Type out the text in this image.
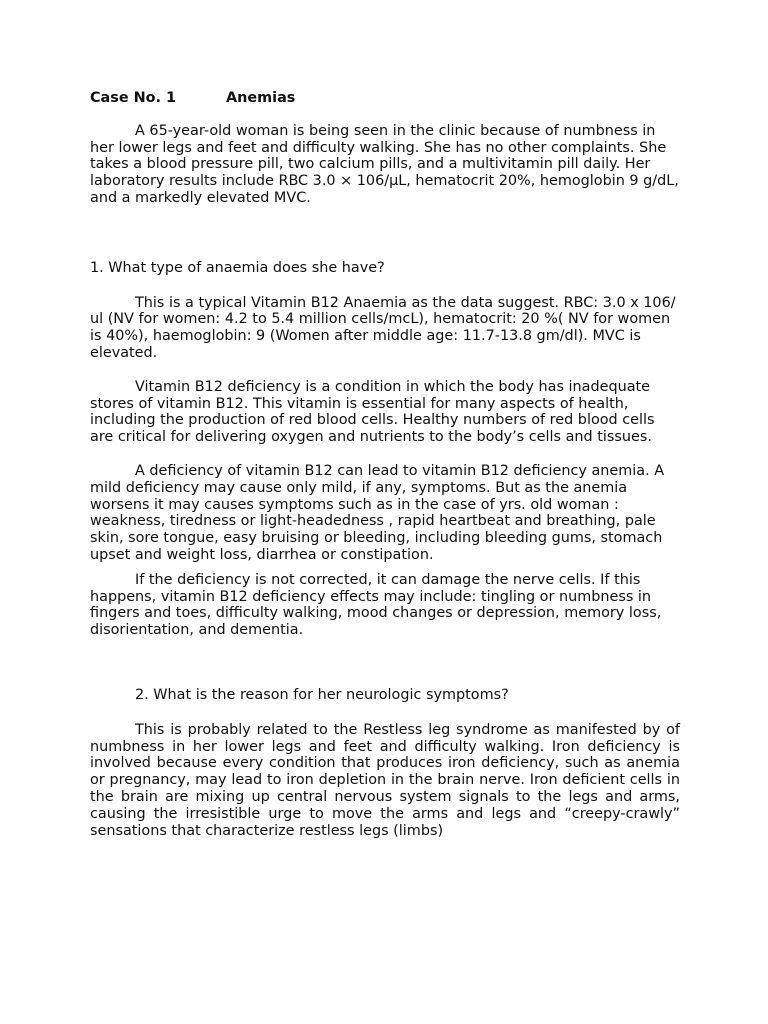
Case No. 1	Anemias

A 65-year-old woman is being seen in the clinic because of numbness in her lower legs and feet and difficulty walking. She has no other complaints. She takes a blood pressure pill, two calcium pills, and a multivitamin pill daily. Her laboratory results include RBC 3.0 × 106/μL, hematocrit 20%, hemoglobin 9 g/dL, and a markedly elevated MVC.

1. What type of anaemia does she have?

This is a typical Vitamin B12 Anaemia as the data suggest. RBC: 3.0 x 106/ ul (NV for women: 4.2 to 5.4 million cells/mcL), hematocrit: 20 %( NV for women is 40%), haemoglobin: 9 (Women after middle age: 11.7-13.8 gm/dl). MVC is elevated.

Vitamin B12 deficiency is a condition in which the body has inadequate stores of vitamin B12. This vitamin is essential for many aspects of health, including the production of red blood cells. Healthy numbers of red blood cells are critical for delivering oxygen and nutrients to the body’s cells and tissues.

A deficiency of vitamin B12 can lead to vitamin B12 deficiency anemia. A mild deficiency may cause only mild, if any, symptoms. But as the anemia worsens it may causes symptoms such as in the case of yrs. old woman : weakness, tiredness or light-headedness , rapid heartbeat and breathing, pale skin, sore tongue, easy bruising or bleeding, including bleeding gums, stomach upset and weight loss, diarrhea or constipation.

If the deficiency is not corrected, it can damage the nerve cells. If this happens, vitamin B12 deficiency effects may include: tingling or numbness in fingers and toes, difficulty walking, mood changes or depression, memory loss, disorientation, and dementia.

2. What is the reason for her neurologic symptoms?

This is probably related to the Restless leg syndrome as manifested by of numbness in her lower legs and feet and difficulty walking. Iron deficiency is involved because every condition that produces iron deficiency, such as anemia or pregnancy, may lead to iron depletion in the brain nerve. Iron deficient cells in the brain are mixing up central nervous system signals to the legs and arms, causing the irresistible urge to move the arms and legs and “creepy-crawly” sensations that characterize restless legs (limbs)
